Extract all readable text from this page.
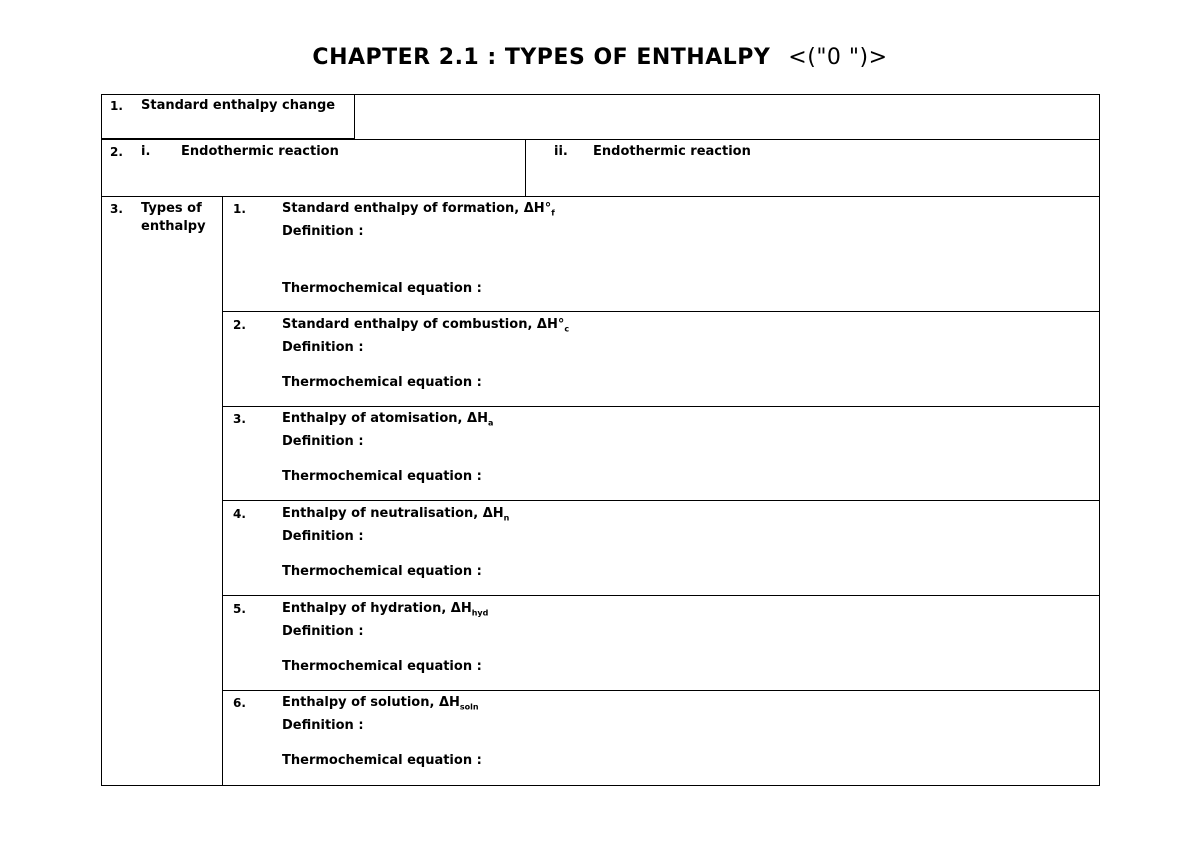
CHAPTER 2.1 : TYPES OF ENTHALPY <("0 ")>
1. Standard enthalpy change
2. i. Endothermic reaction	ii. Endothermic reaction
3. Types of
enthalpy
1.	Standard enthalpy of formation, $\Delta H^\circ_f$
Definition :
Thermochemical equation :
2.	Standard enthalpy of combustion, $\Delta H^\circ_c$
Definition :
Thermochemical equation :
3.	Enthalpy of atomisation, $\Delta H_a$
Definition :
Thermochemical equation :
4.	Enthalpy of neutralisation, $\Delta H_n$
Definition :
Thermochemical equation :
5.	Enthalpy of hydration, $\Delta H_{hyd}$
Definition :
Thermochemical equation :
6.	Enthalpy of solution, $\Delta H_{soln}$
Definition :
Thermochemical equation :
